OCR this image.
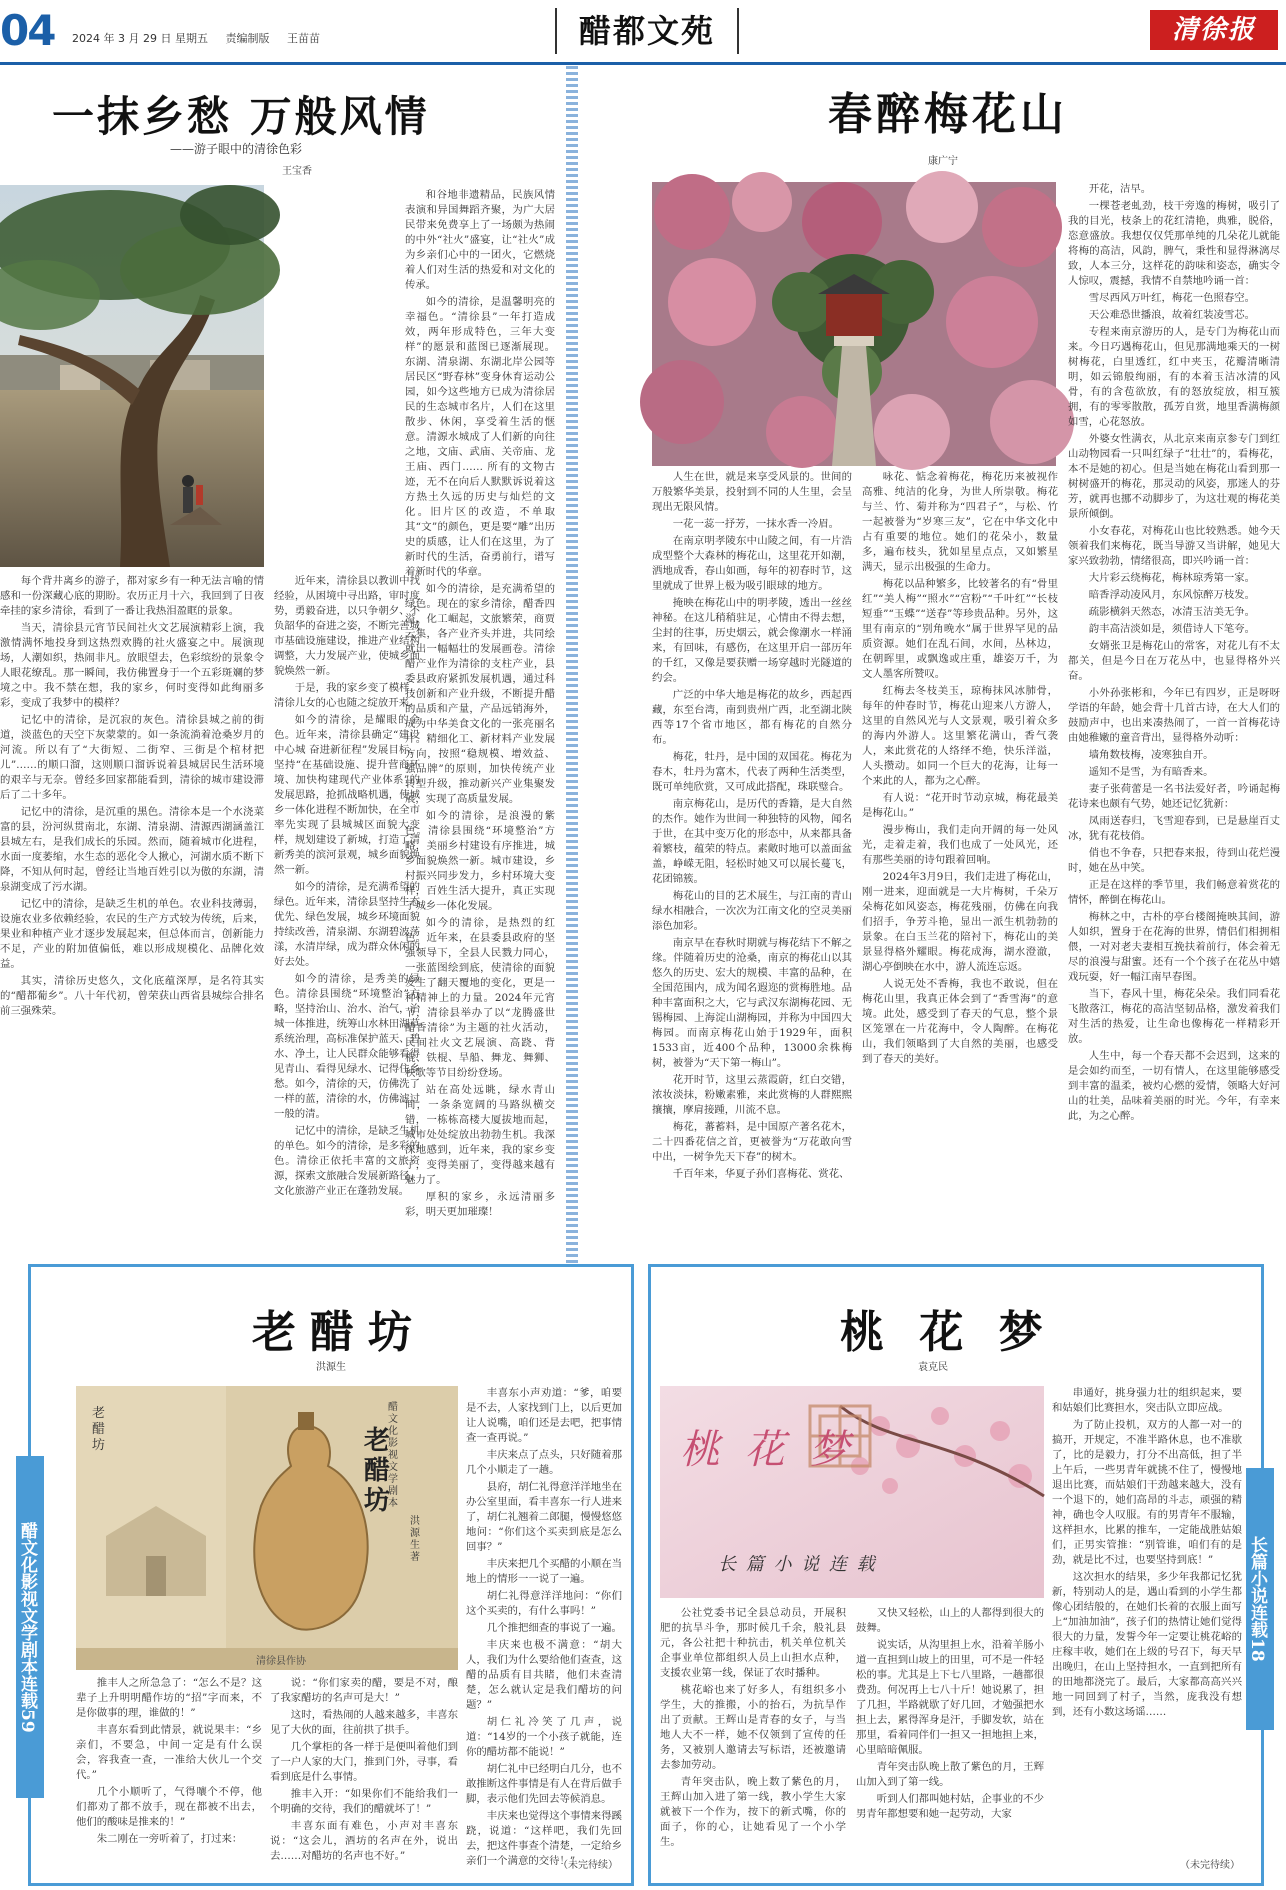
04 2024 年 3 月 29 日 星期五 责编制版 王苗苗	醋都文苑	清徐报
一抹乡愁 万般风情
——游子眼中的清徐色彩
王宝香

每个背井离乡的游子，都对家乡有一种无法言喻的情感和一份深藏心底的期盼。农历正月十六，我回到了日夜牵挂的家乡清徐，看到了一番让我热泪盈眶的景象。

当天，清徐县元宵节民间社火文艺展演精彩上演，我激情满怀地投身到这热烈欢腾的社火盛宴之中。展演现场，人潮如织，热闹非凡。放眼望去，色彩缤纷的景象令人眼花缭乱。那一瞬间，我仿佛置身于一个五彩斑斓的梦境之中。我不禁在想，我的家乡，何时变得如此绚丽多彩，变成了我梦中的模样？

记忆中的清徐，是沉寂的灰色。清徐县城之前的街道，淡蓝色的天空下灰蒙蒙的。如一条流淌着沧桑岁月的河流。所以有了“大街短、二街窄、三街是个棺材把儿”……的顺口溜，这则顺口溜诉说着县城居民生活环境的艰辛与无奈。曾经多回家都能看到，清徐的城市建设滞后了二十多年。

记忆中的清徐，是沉重的黑色。清徐本是一个水浇菜富的县，汾河纵贯南北，东湖、清泉湖、清源西湖涵盖江县城左右，是我们成长的乐园。然而，随着城市化进程，水面一度萎缩，水生态的恶化令人揪心，河湖水质不断下降，不知从何时起，曾经让当地百姓引以为傲的东湖，清泉湖变成了污水湖。

记忆中的清徐，是缺乏生机的单色。农业科技薄弱，设施农业多依赖经验，农民的生产方式较为传统，后来，果业和种植产业才逐步发展起来，但总体而言，创新能力不足，产业的附加值偏低，难以形成规模化、品牌化效益。

其实，清徐历史悠久，文化底蕴深厚，是名符其实的“醋都葡乡”。八十年代初，曾荣获山西省县城综合排名前三强殊荣。

近年来，清徐县以教训中找经验，从困境中寻出路，审时度势，勇毅奋进，以只争朝夕、不负韶华的奋进之姿，不断完善城市基础设施建设，推进产业结构调整，大力发展产业，使城乡面貌焕然一新。

于是，我的家乡变了模样，清徐儿女的心也随之绽放开来。

如今的清徐，是耀眼的金色。近年来，清徐县确定“建设中心城 奋进新征程”发展目标，坚持“在基础设施、提升营商环境、加快构建现代产业体系”的发展思路，抢抓战略机遇，使城乡一体化进程不断加快，在全市率先实现了县城城区面貌大变样，规划建设了新城，打造了清新秀美的滨河景观，城乡面貌焕然一新。

如今的清徐，是充满希望的绿色。近年来，清徐县坚持生态优先、绿色发展，城乡环境面貌持续改善，清泉湖、东湖碧波荡漾，水清岸绿，成为群众休闲的好去处。

如今的清徐，是秀美的绿色。清徐县围绕“环境整治”方略，坚持治山、治水、治气，治城一体推进，统筹山水林田湖草系统治理，高标准保护蓝天、碧水、净土，让人民群众能够看得见青山、看得见绿水、记得住乡愁。如今，清徐的天，仿佛洗了一样的蓝，清徐的水，仿佛滤过一般的清。

记忆中的清徐，是缺乏生机的单色。如今的清徐，是多彩的色。清徐正依托丰富的文旅资源，探索文旅融合发展新路径，文化旅游产业正在蓬勃发展。

和谷地非遗精品，民族风情表演和异国舞蹈齐聚，为广大居民带来免费享上了一场颇为热闹的中外“社火”盛宴，让“社火”成为乡亲们心中的一团火，它燃烧着人们对生活的热爱和对文化的传承。

如今的清徐，是温馨明亮的幸福色。“清徐县”一年打造成效，两年形成特色，三年大变样”的愿景和蓝图已逐渐展现。东湖、清泉湖、东湖北岸公园等居民区“野春林”变身休育运动公园，如今这些地方已成为清徐居民的生态城市名片，人们在这里散步、休闲，享受着生活的惬意。清源水城成了人们新的向往之地，文庙、武庙、关帝庙、龙王庙、西门…… 所有的文物古迹，无不在向后人默默诉说着这方热土久远的历史与灿烂的文化。旧片区的改造，不单取其“文”的颜色，更是要“雕”出历史的质感，让人们在这里，为了新时代的生活，奋勇前行，谱写着新时代的华章。

如今的清徐，是充满希望的绿色。现在的家乡清徐，醋香四溢，化工崛起，文旅繁荣，商贾云集，各产业齐头并进，共同绘就出一幅幅壮的发展画卷。清徐醋产业作为清徐的支柱产业，县委县政府紧抓发展机遇，通过科技创新和产业升级，不断提升醋的品质和产量，产品远销海外，成为中华美食文化的一张亮丽名片。精细化工、新材料产业发展方向，按照“稳规模、增效益、强品牌”的原则，加快传统产业转型升级，推动新兴产业集聚发展，实现了高质量发展。

如今的清徐，是浪漫的紫色。清徐县围绕“环境整治”方略，美丽乡村建设有序推进，城乡面貌焕然一新。城市建设，乡村振兴同步发力，乡村环境大变样，百姓生活大提升，真正实现了城乡一体化发展。

如今的清徐，是热烈的红色。近年来，在县委县政府的坚强领导下，全县人民戮力同心，一张蓝图绘到底，使清徐的面貌发生了翻天覆地的变化，更是一种精神上的力量。2024年元宵节，清徐县举办了以“龙腾盛世 醋香清徐”为主题的社火活动，民间社火文艺展演、高跷、背棍、铁棍、旱船、舞龙、舞狮、秧歌等节目纷纷登场。

站在高处远眺，绿水青山间，一条条宽阔的马路纵横交错，一栋栋高楼大厦拔地而起，城市处处绽放出勃勃生机。我深深地感到，近年来，我的家乡变了，变得美丽了，变得越来越有魅力了。

厚积的家乡，永远清丽多彩，明天更加璀璨！

春醉梅花山
康广宁

人生在世，就是来享受风景的。世间的万般繁华美景，投射到不同的人生里，会呈现出无限风情。

一花一蕊一抒芳，一抹水香一冷眉。

在南京明孝陵东中山陵之间，有一片浩成型整个大森林的梅花山，这里花开如潮，洒地成香，春山如画，每年的初春时节，这里就成了世界上极为吸引眼球的地方。

掩映在梅花山中的明孝陵，透出一丝丝神秘。在这儿稍稍驻足，心情由不得去想，尘封的往事，历史烟云，就会像潮水一样涌来，有回味，有感伤，在这里开启一部历年的千红，又像是要获赠一场穿越时光隧道的约会。

广泛的中华大地是梅花的故乡，西起西藏，东至台湾，南到贵州广西，北至湖北陕西等17个省市地区，都有梅花的自然分布。

梅花，牡丹，是中国的双国花。梅花为春木，牡丹为富木，代表了两种生活类型，既可单纯欣赏，又可成此搭配，珠联璧合。

南京梅花山，是历代的香籍，是大自然的杰作。她作为世间一种独特的风物，闻名于世，在其中变万化的形态中，从来都具备着繁枝，蕴荣的特点。素敞时地可以盖面盆盖，峥嵘无阻，轻松时她又可以展长蔓飞，花团锦簇。

梅花山的目的艺术展生，与江南的青山绿水相融合，一次次为江南文化的空灵美丽添色加彩。

南京早在春秋时期就与梅花结下不解之缘。伴随着历史的沧桑，南京的梅花山以其悠久的历史、宏大的规模、丰富的品种，在全国范围内，成为闻名遐迩的赏梅胜地。品种丰富面积之大，它与武汉东湖梅花园、无锡梅园、上海淀山湖梅园，并称为中国四大梅园。而南京梅花山始于1929年，面积1533亩，近400个品种，13000余株梅树，被誉为“天下第一梅山”。

花开时节，这里云蒸霞蔚，红白交错，浓妆淡抹，粉嫩素雅，来此赏梅的人群熙熙攘攘，摩肩接踵，川流不息。

梅花，蕃蓄料，是中国原产著名花木，二十四番花信之首，更被誉为“万花敢向雪中出，一树争先天下春”的树木。

千百年来，华夏子孙们喜梅花、赏花、

咏花、惦念着梅花，梅花历来被视作高雅、纯洁的化身，为世人所崇敬。梅花与兰、竹、菊并称为“四君子”，与松、竹一起被誉为“岁寒三友”，它在中华文化中占有重要的地位。她们的花朵小，数量多，遍布枝头，犹如星星点点，又如繁星满天，显示出极强的生命力。

梅花以品种繁多，比较著名的有“骨里红”“美人梅”“照水”“宫粉”“千叶红”“长枝短垂”“玉蝶”“送春”等珍贵品种。另外，这里有南京的“别角晚水”属于世界罕见的品质资源。她们在乱石间，水间，丛林边，在朝晖里，或飘逸或庄重，雄姿万千，为文人墨客所赞叹。

红梅去冬枝美玉，琼梅抹风冰肺骨，每年的仲春时节，梅花山迎来八方游人，这里的自然风光与人文景观，吸引着众多的海内外游人。这里繁花满山，香气袭人，来此赏花的人络绎不绝，快乐洋溢，人头攒动。如同一个巨大的花海，让每一个来此的人，都为之心醉。

有人说：“花开时节动京城，梅花最美是梅花山。”

漫步梅山，我们走向开阔的每一处风光，走着走着，我们也成了一处风光，还有那些美丽的诗句跟着回响。

2024年3月9日，我们走进了梅花山，刚一进来，迎面就是一大片梅树，千朵万朵梅花如风姿态，梅花残丽，仿佛在向我们招手，争芳斗艳，显出一派生机勃勃的景象。在白玉兰花的陪衬下，梅花山的美景显得格外耀眼。梅花成海，湖水澄澈，湖心亭倒映在水中，游人流连忘返。

人说无处不香梅，我也不敢说，但在梅花山里，我真正体会到了“香雪海”的意境。此处，感受到了春天的气息，整个景区笼罩在一片花海中，令人陶醉。在梅花山，我们领略到了大自然的美丽，也感受到了春天的美好。

开花，洁早。

一棵苍老虬劲，枝干旁逸的梅树，吸引了我的目光，枝条上的花红清艳，典雅，脱俗，恣意盛放。我想仅仅凭那单纯的几朵花儿就能将梅的高洁，风韵，脾气，秉性和显得淋漓尽致，人本三分，这样花的韵味和姿态，确实令人惊叹，震撼，我情不自禁地吟诵一首：

雪尽西风万叶红，梅花一色照春空。

天公难恐世播浪，故着红装凌雪芯。

专程来南京游历的人，是专门为梅花山而来。今日巧遇梅花山，但见那满地乘天的一树树梅花，白里透红，红中夹玉，花瓣清晰清明，如云锦般绚丽，有的本着玉洁冰清的风骨，有的含苞欲放，有的怒放绽放，相互簇拥，有的零零散散，孤芳自赏，地里香满梅颜如雪，心花怒放。

外婆女性满衣，从北京来南京参专门到红山动物园看一只叫红绿子“壮壮”的，看梅花，本不是她的初心。但是当她在梅花山看到那一树树盛开的梅花，那灵动的风姿，那迷人的芬芳，就再也挪不动脚步了，为这壮观的梅花美景所倾倒。

小女春花，对梅花山也比较熟悉。她今天领着我们来梅花，既当导游又当讲解，她见大家兴致勃勃，情绪很高，即兴吟诵一首：

大片彩云绕梅花，梅林琼秀第一家。

暗香浮动凌风月，东风惊醉万枝发。

疏影横斜天然态，冰清玉洁美无争。

韵丰高洁淡如是，须借诗人下笔夸。

女婿张卫是梅花山的常客，对花儿有不太都关，但是今日在万花丛中，也显得格外兴奋。

小外孙张彬和，今年已有四岁，正是呀呀学语的年龄，她会背十几首古诗，在大人们的鼓励声中，也出来凑热闹了，一首一首梅花诗由她稚嫩的童音背出，显得格外动听：

墙角数枝梅，凌寒独自开。

遥知不是雪，为有暗香来。

妻子张荷蕾是一名书法爱好者，吟诵起梅花诗来也颇有气势，她还记忆犹新：

凤雨送春归，飞雪迎春到，已是悬崖百丈冰，犹有花枝俏。

俏也不争春，只把春来报，待到山花烂漫时，她在丛中笑。

正是在这样的季节里，我们畅意着赏花的情怀，醉倒在梅花山。

梅林之中，古朴的亭台楼阁掩映其间，游人如织，置身于在花海的世界，情侣们相拥相偎，一对对老夫妻相互挽扶着前行，体会着无尽的浪漫与甜蜜。还有一个个孩子在花丛中嬉戏玩耍，好一幅江南早春图。

当下，春风十里，梅花朵朵。我们同看花飞散落江，梅花的高洁坚韧品格，激发着我们对生活的热爱，让生命也像梅花一样精彩开放。

人生中，每一个春天都不会迟到，这来的是会如约而至，一切有情人，在这里能够感受到丰富的温柔，被灼心燃的爱情，领略大好河山的壮美，品味着美丽的时光。今年，有幸来此，为之心醉。

醋文化影视文学剧本连载59
老醋坊
洪源生
老醋坊
醋文化影视文学剧本
老醋坊
洪源生 著
清徐县作协

推丰人之所急急了：“怎么不是？这辈子上升明明醋作坊的“招”字而来，不是你做事的理，谁做的！”

丰喜东看到此情景，就说果丰：“乡亲们，不要急，中间一定是有什么误会，容我查一查，一准给大伙儿一个交代。”

几个小顺听了，气得嚷个不停，他们都劝了都不放手，现在都被不出去，他们的酸味是推来的！”

朱二刚在一旁听着了，打过来：

说：“你们家卖的醋，要是不对，酿了我家醋坊的名声可是大！”

这时，看热闹的人越来越多，丰喜东见了大伙的面，往前拱了拱手。

几个掌柜的各一样于是便叫着他们到了一户人家的大门，推到门外，寻事，看看到底是什么事情。

推丰入开：“如果你们不能给我们一个明确的交待，我们的醋就坏了！”

丰喜东面有难色，小声对丰喜东说：“这会儿，酒坊的名声在外，说出去……对醋坊的名声也不好。”

丰喜东小声劝道：“爹，咱要是不去，人家找到门上，以后更加让人说嘴，咱们还是去吧，把事情查一查再说。”

丰庆来点了点头，只好随着那几个小顺走了一趟。

县府，胡仁礼得意洋洋地坐在办公室里面，看丰喜东一行人进来了，胡仁礼翘着二郎腿，慢慢悠悠地问：“你们这个买卖到底是怎么回事？”

丰庆来把几个买醋的小顺在当地上的情形一一说了一遍。

胡仁礼得意洋洋地问：“你们这个买卖的，有什么事吗！”

几个推把细查的事说了一遍。

丰庆来也极不满意：“胡大人，我们为什么要给他们查查，这醋的品质有目共睹，他们未查清楚，怎么就认定是我们醋坊的问题？”

胡仁礼冷笑了几声，说道：“14岁的一个小孩子就能，连你的醋坊都不能说！”

胡仁礼中已经明白几分，也不敢推断这件事情是有人在背后做手脚，表示他们先回去等候消息。

丰庆来也觉得这个事情来得蹊跷，说道：“这样吧，我们先回去，把这件事查个清楚，一定给乡亲们一个满意的交待！”

（未完待续）
长篇小说连载18
桃 花 梦
袁克民
桃 花 梦
长 篇 小 说 连 载

公社党委书记全县总动员，开展积肥的抗旱斗争，那时候几千余，般礼县元，各公社把十种抗击，机关单位机关企事业单位都组织人员上山担水点种，支援农业第一线，保证了农时播种。

桃花峪也来了好多人，有组织多小学生，大的推搬，小的抬石，为抗旱作出了贡献。王辉山是青春的女子，与当地人大不一样，她不仅领到了宣传的任务，又被别人邀请去写标语，还被邀请去参加劳动。

青年突击队，晚上数了紫色的月，王辉山加入进了第一线，教小学生大家就被下一个作为，按下的新式嘴，你的面子，你的心，让她看见了一个小学生。

又快又轻松，山上的人都得到很大的鼓舞。

说实话，从沟里担上水，沿着羊肠小道一直担到山坡上的田里，可不是一件轻松的事。尤其是上下七八里路，一趟都很费劲。何况再上七八十斤！她说累了，担了几担，半路就歇了好几回，才勉强把水担上去，累得浑身是汗，手脚发软，站在那里，看着同伴们一担又一担地担上来，心里暗暗佩服。

青年突击队晚上散了紫色的月，王辉山加入到了第一线。

听到人们都叫她村姑，企事业的不少男青年都想要和她一起劳动，大家

串通好，挑身强力壮的组织起来，要和姑娘们比赛担水，突击队立即应战。

为了防止投机，双方的人都一对一的搞开，开规定，不准半路休息，也不准歇了，比的是毅力，打分不出高低，担了半上午后，一些男青年就挑不住了，慢慢地退出比赛，而姑娘们干劲越来越大，没有一个退下的，她们高昂的斗志，顽强的精神，确也令人叹服。有的男青年不服输，这样担水，比累的推车，一定能战胜姑娘们，正男实管推：“别管谁，咱们有的是劲，就是比不过，也要坚持到底！”

这次担水的结果，多少年我都记忆犹新，特别动人的是，遇山看到的小学生都像心团结般的，在她们长着的衣服上面写上“加油加油”，孩子们的热情让她们觉得很大的力量，发誓今年一定要让桃花峪的庄稼丰收，她们在上级的号召下，每天早出晚归，在山上坚持担水，一直到把所有的田地都浇完了。最后，大家都高高兴兴地一同回到了村子，当然，庞我没有想到，还有小数这场谣……

（未完待续）
